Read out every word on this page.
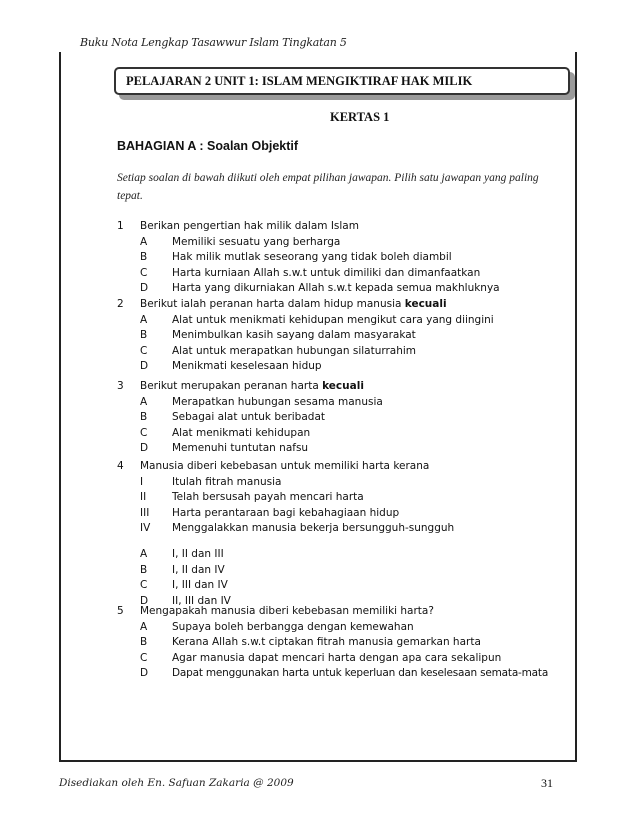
Buku Nota Lengkap Tasawwur Islam Tingkatan 5
PELAJARAN 2 UNIT 1: ISLAM MENGIKTIRAF HAK MILIK
KERTAS 1
BAHAGIAN A : Soalan Objektif
Setiap soalan di bawah diikuti oleh empat pilihan jawapan. Pilih satu jawapan yang paling tepat.
1	Berikan pengertian hak milik dalam Islam
A	Memiliki sesuatu yang berharga
B	Hak milik mutlak seseorang yang tidak boleh diambil
C	Harta kurniaan Allah s.w.t untuk dimiliki dan dimanfaatkan
D	Harta yang dikurniakan Allah s.w.t kepada semua makhluknya
2	Berikut ialah peranan harta dalam hidup manusia kecuali
A	Alat untuk menikmati kehidupan mengikut cara yang diingini
B	Menimbulkan kasih sayang dalam masyarakat
C	Alat untuk merapatkan hubungan silaturrahim
D	Menikmati keselesaan hidup
3	Berikut merupakan peranan harta kecuali
A	Merapatkan hubungan sesama manusia
B	Sebagai alat untuk beribadat
C	Alat menikmati kehidupan
D	Memenuhi tuntutan nafsu
4	Manusia diberi kebebasan untuk memiliki harta kerana
I	Itulah fitrah manusia
II	Telah bersusah payah mencari harta
III	Harta perantaraan bagi kebahagiaan hidup
IV	Menggalakkan manusia bekerja bersungguh-sungguh
A	I, II dan III
B	I, II dan IV
C	I, III dan IV
D	II, III dan IV
5	Mengapakah manusia diberi kebebasan memiliki harta?
A	Supaya boleh berbangga dengan kemewahan
B	Kerana Allah s.w.t ciptakan fitrah manusia gemarkan harta
C	Agar manusia dapat mencari harta dengan apa cara sekalipun
D	Dapat menggunakan harta untuk keperluan dan keselesaan semata-mata
Disediakan oleh En. Safuan Zakaria @ 2009	31
